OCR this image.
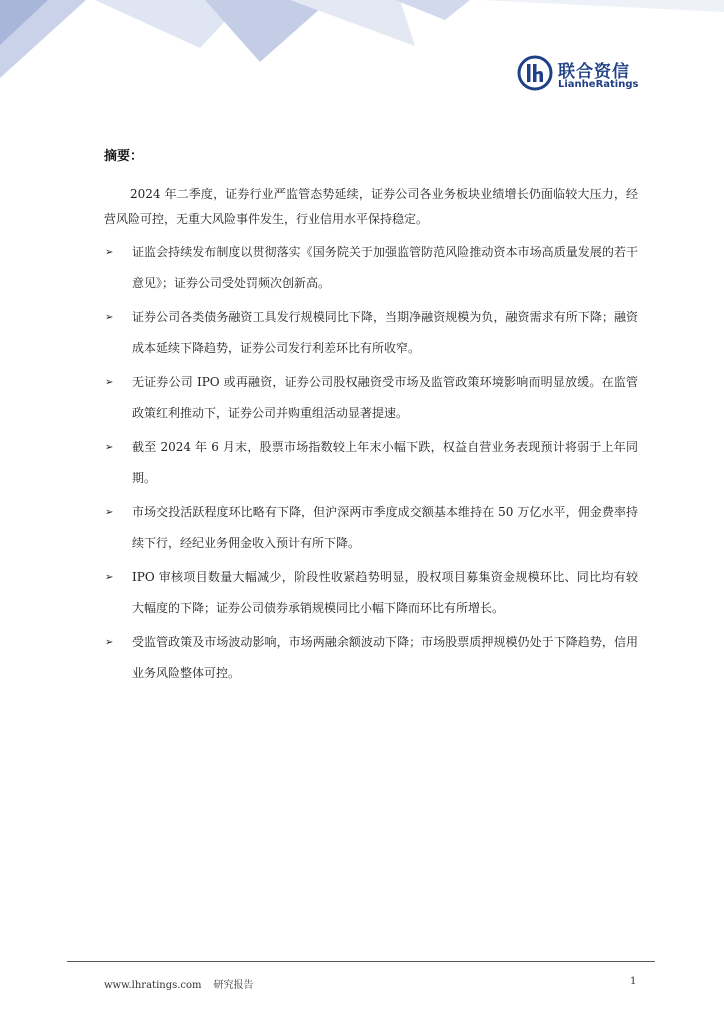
联合资信
LianheRatings
摘要：
2024 年二季度，证券行业严监管态势延续，证券公司各业务板块业绩增长仍面临较大压力，经营风险可控，无重大风险事件发生，行业信用水平保持稳定。
➢ 证监会持续发布制度以贯彻落实《国务院关于加强监管防范风险推动资本市场高质量发展的若干意见》；证券公司受处罚频次创新高。
➢ 证券公司各类债务融资工具发行规模同比下降，当期净融资规模为负，融资需求有所下降；融资成本延续下降趋势，证券公司发行利差环比有所收窄。
➢ 无证券公司 IPO 或再融资，证券公司股权融资受市场及监管政策环境影响而明显放缓。在监管政策红利推动下，证券公司并购重组活动显著提速。
➢ 截至 2024 年 6 月末，股票市场指数较上年末小幅下跌，权益自营业务表现预计将弱于上年同期。
➢ 市场交投活跃程度环比略有下降，但沪深两市季度成交额基本维持在 50 万亿水平，佣金费率持续下行，经纪业务佣金收入预计有所下降。
➢ IPO 审核项目数量大幅减少，阶段性收紧趋势明显，股权项目募集资金规模环比、同比均有较大幅度的下降；证券公司债券承销规模同比小幅下降而环比有所增长。
➢ 受监管政策及市场波动影响，市场两融余额波动下降；市场股票质押规模仍处于下降趋势，信用业务风险整体可控。
www.lhratings.com 研究报告	1
